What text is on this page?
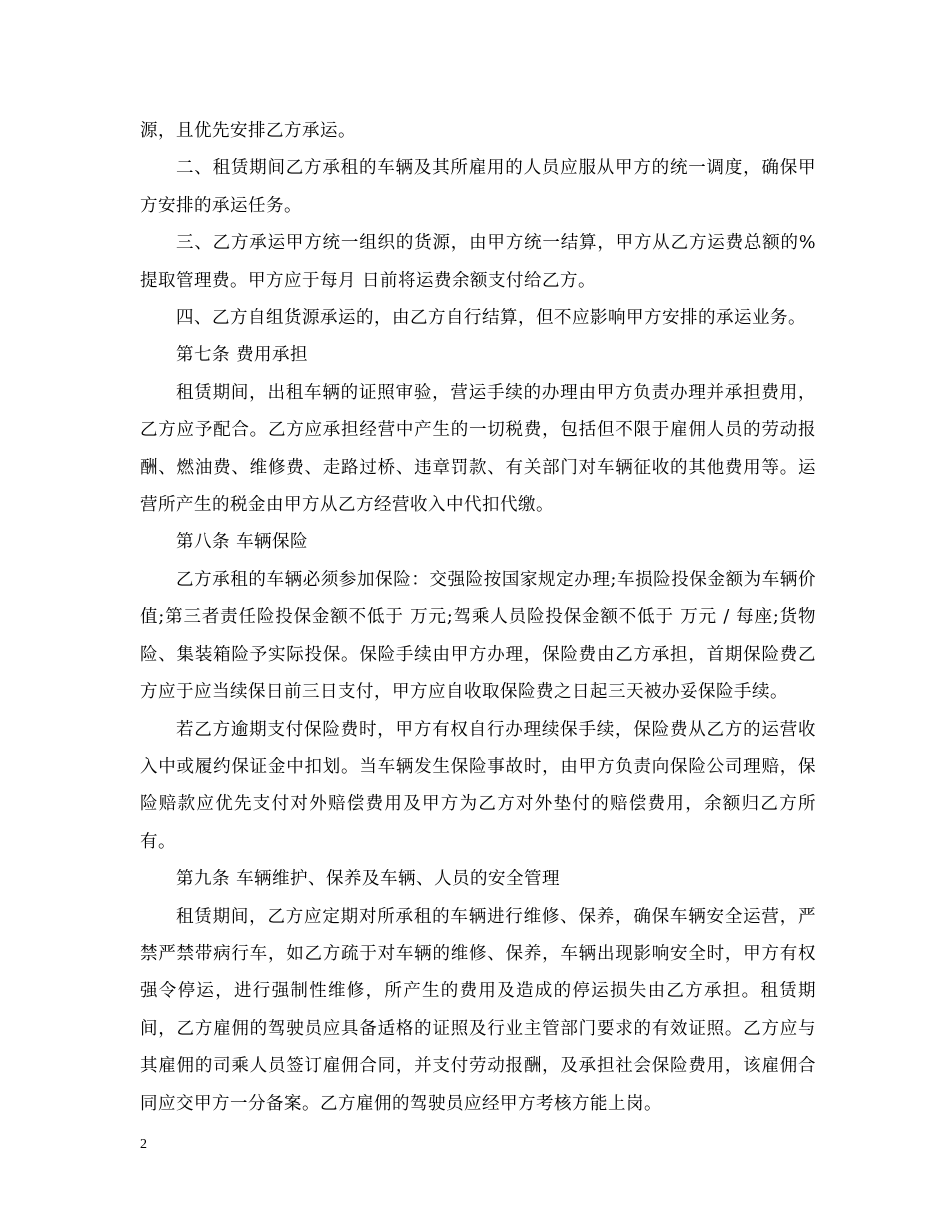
源，且优先安排乙方承运。

二、租赁期间乙方承租的车辆及其所雇用的人员应服从甲方的统一调度，确保甲方安排的承运任务。

三、乙方承运甲方统一组织的货源，由甲方统一结算，甲方从乙方运费总额的%提取管理费。甲方应于每月 日前将运费余额支付给乙方。

四、乙方自组货源承运的，由乙方自行结算，但不应影响甲方安排的承运业务。

第七条 费用承担

租赁期间，出租车辆的证照审验，营运手续的办理由甲方负责办理并承担费用，乙方应予配合。乙方应承担经营中产生的一切税费，包括但不限于雇佣人员的劳动报酬、燃油费、维修费、走路过桥、违章罚款、有关部门对车辆征收的其他费用等。运营所产生的税金由甲方从乙方经营收入中代扣代缴。

第八条 车辆保险

乙方承租的车辆必须参加保险：交强险按国家规定办理;车损险投保金额为车辆价值;第三者责任险投保金额不低于 万元;驾乘人员险投保金额不低于 万元 / 每座;货物险、集装箱险予实际投保。保险手续由甲方办理，保险费由乙方承担，首期保险费乙方应于应当续保日前三日支付，甲方应自收取保险费之日起三天被办妥保险手续。

若乙方逾期支付保险费时，甲方有权自行办理续保手续，保险费从乙方的运营收入中或履约保证金中扣划。当车辆发生保险事故时，由甲方负责向保险公司理赔，保险赔款应优先支付对外赔偿费用及甲方为乙方对外垫付的赔偿费用，余额归乙方所有。

第九条 车辆维护、保养及车辆、人员的安全管理

租赁期间，乙方应定期对所承租的车辆进行维修、保养，确保车辆安全运营，严禁严禁带病行车，如乙方疏于对车辆的维修、保养，车辆出现影响安全时，甲方有权强令停运，进行强制性维修，所产生的费用及造成的停运损失由乙方承担。租赁期间，乙方雇佣的驾驶员应具备适格的证照及行业主管部门要求的有效证照。乙方应与其雇佣的司乘人员签订雇佣合同，并支付劳动报酬，及承担社会保险费用，该雇佣合同应交甲方一分备案。乙方雇佣的驾驶员应经甲方考核方能上岗。

2
